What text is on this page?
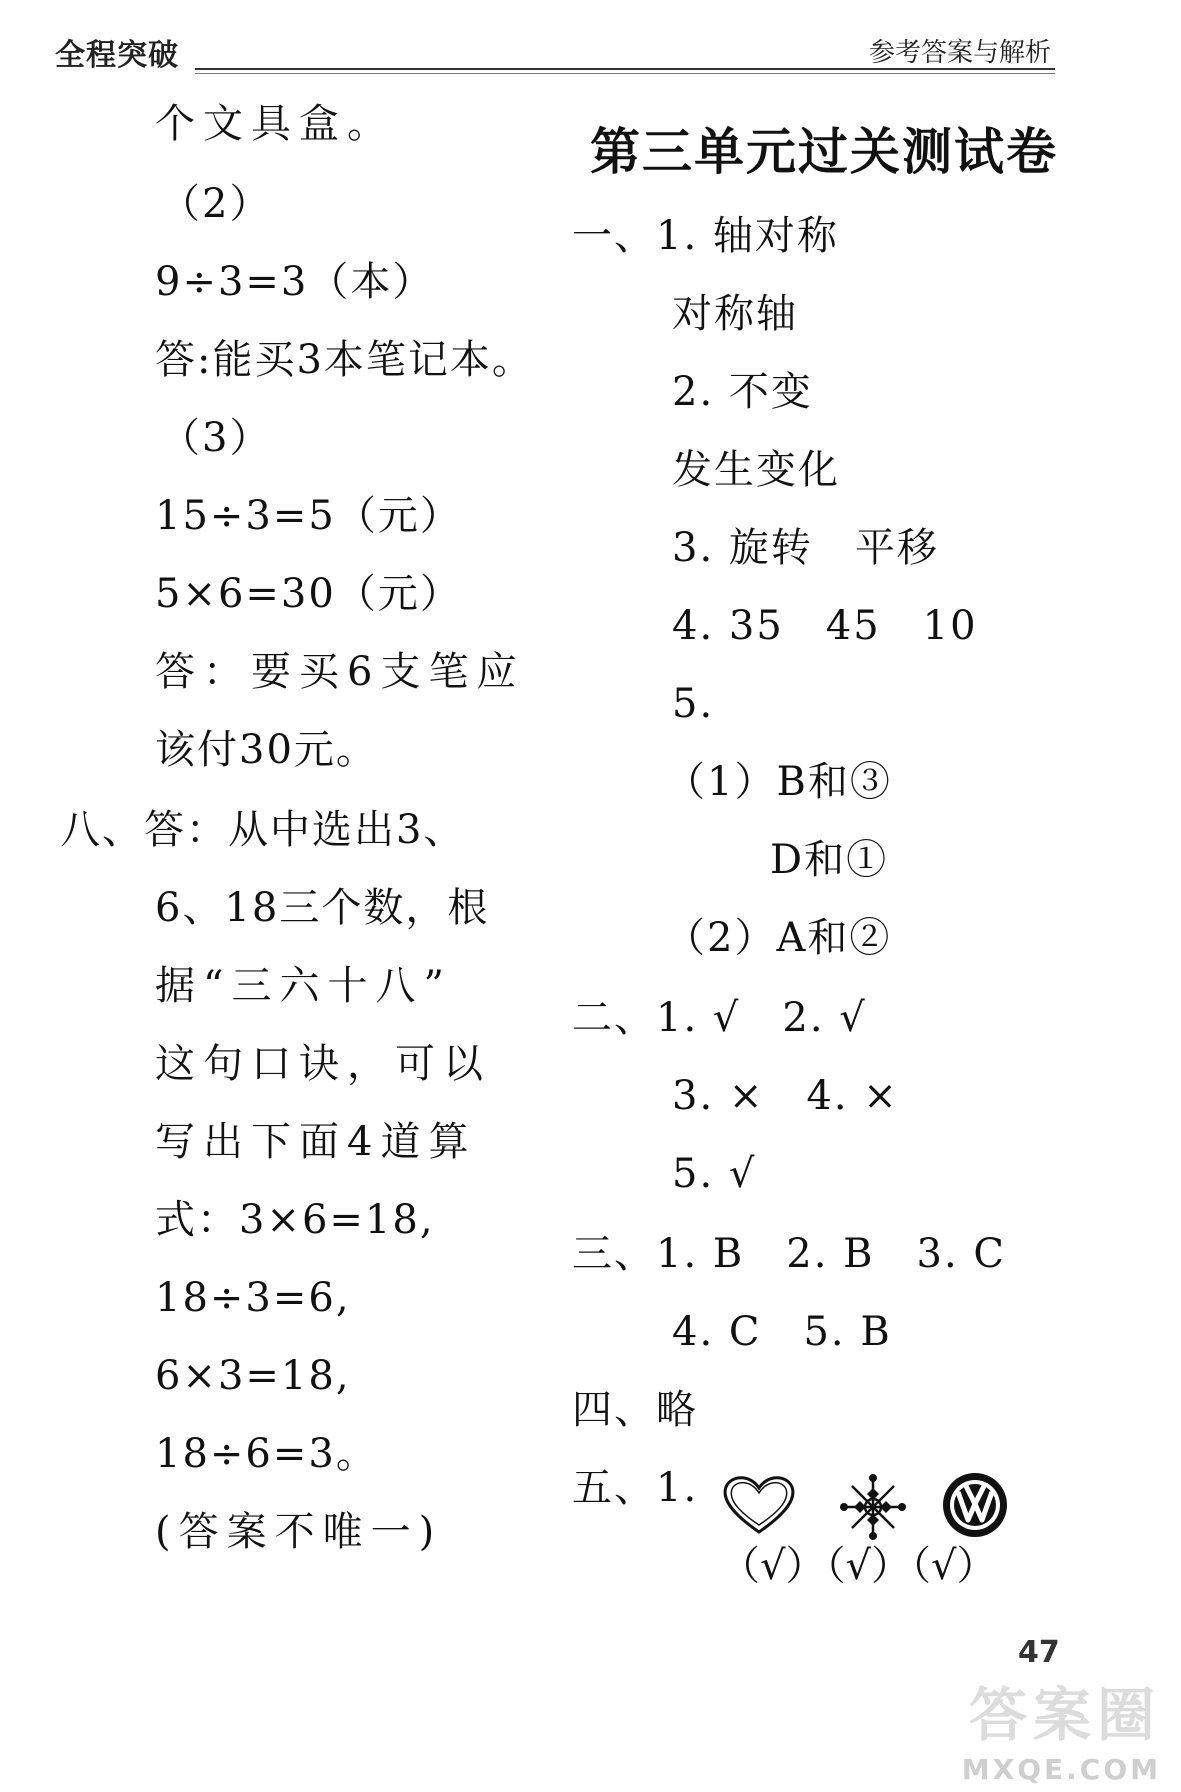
全程突破	参考答案与解析
个文具盒。
（2）
9÷3=3（本）
答:能买3本笔记本。
（3）
15÷3=5（元）
5×6=30（元）
答：要买6支笔应
该付30元。
八、答：从中选出3、
6、18三个数，根
据“三六十八”
这句口诀，可以
写出下面4道算
式：3×6=18,
18÷3=6,
6×3=18,
18÷6=3。
(答案不唯一)
第三单元过关测试卷
一、1. 轴对称
对称轴
2. 不变
发生变化
3. 旋转　平移
4. 35　45　10
5.
（1）B和③
D和①
（2）A和②
二、1. √　2. √
3. ×　4. ×
5. √
三、1. B　2. B　3. C
4. C　5. B
四、略
五、1.
（√）（√）（√）
47
答案圈
MXQE.COM
